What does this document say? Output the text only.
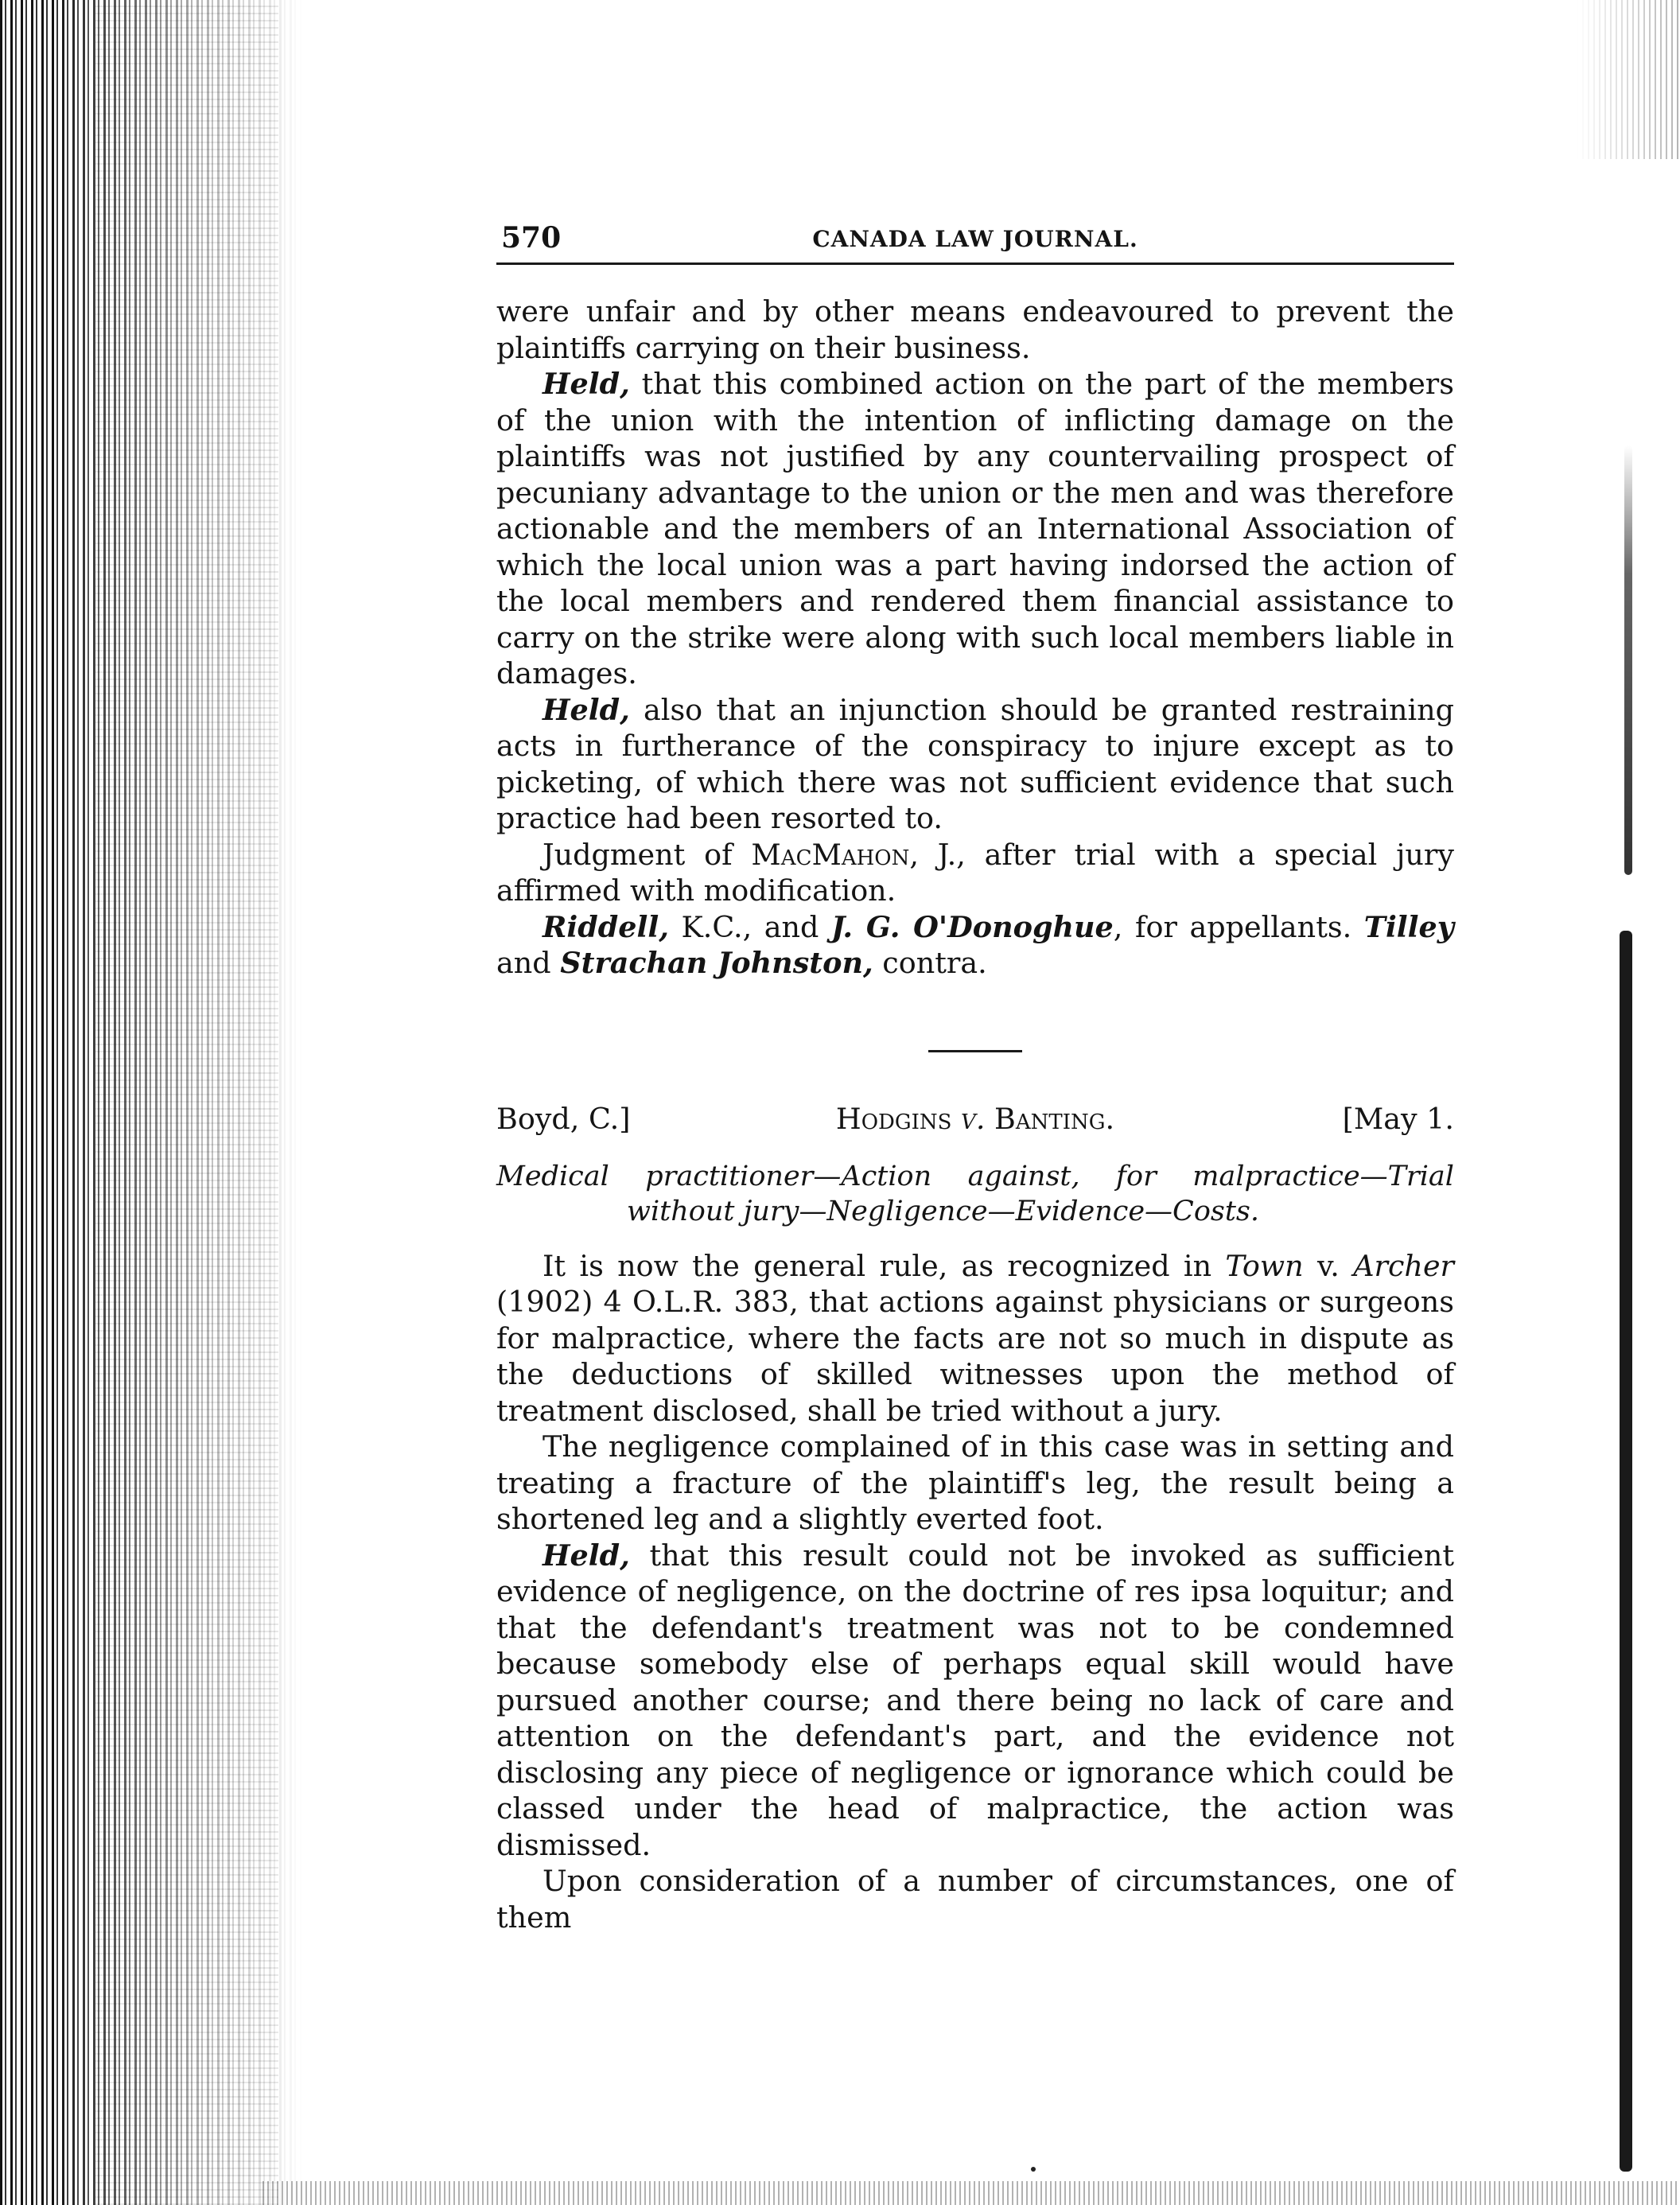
570	CANADA LAW JOURNAL.

were unfair and by other means endeavoured to prevent the plaintiffs carrying on their business.

Held, that this combined action on the part of the members of the union with the intention of inflicting damage on the plaintiffs was not justified by any countervailing prospect of pecuniany advantage to the union or the men and was therefore actionable and the members of an International Association of which the local union was a part having indorsed the action of the local members and rendered them financial assistance to carry on the strike were along with such local members liable in damages.

Held, also that an injunction should be granted restraining acts in furtherance of the conspiracy to injure except as to picketing, of which there was not sufficient evidence that such practice had been resorted to.

Judgment of MacMahon, J., after trial with a special jury affirmed with modification.

Riddell, K.C., and J. G. O'Donoghue, for appellants. Tilley and Strachan Johnston, contra.

Boyd, C.]	Hodgins v. Banting.	[May 1.
Medical practitioner—Action against, for malpractice—Trial
without jury—Negligence—Evidence—Costs.

It is now the general rule, as recognized in Town v. Archer (1902) 4 O.L.R. 383, that actions against physicians or surgeons for malpractice, where the facts are not so much in dispute as the deductions of skilled witnesses upon the method of treatment disclosed, shall be tried without a jury.

The negligence complained of in this case was in setting and treating a fracture of the plaintiff's leg, the result being a shortened leg and a slightly everted foot.

Held, that this result could not be invoked as sufficient evidence of negligence, on the doctrine of res ipsa loquitur; and that the defendant's treatment was not to be condemned because somebody else of perhaps equal skill would have pursued another course; and there being no lack of care and attention on the defendant's part, and the evidence not disclosing any piece of negligence or ignorance which could be classed under the head of malpractice, the action was dismissed.

Upon consideration of a number of circumstances, one of them
